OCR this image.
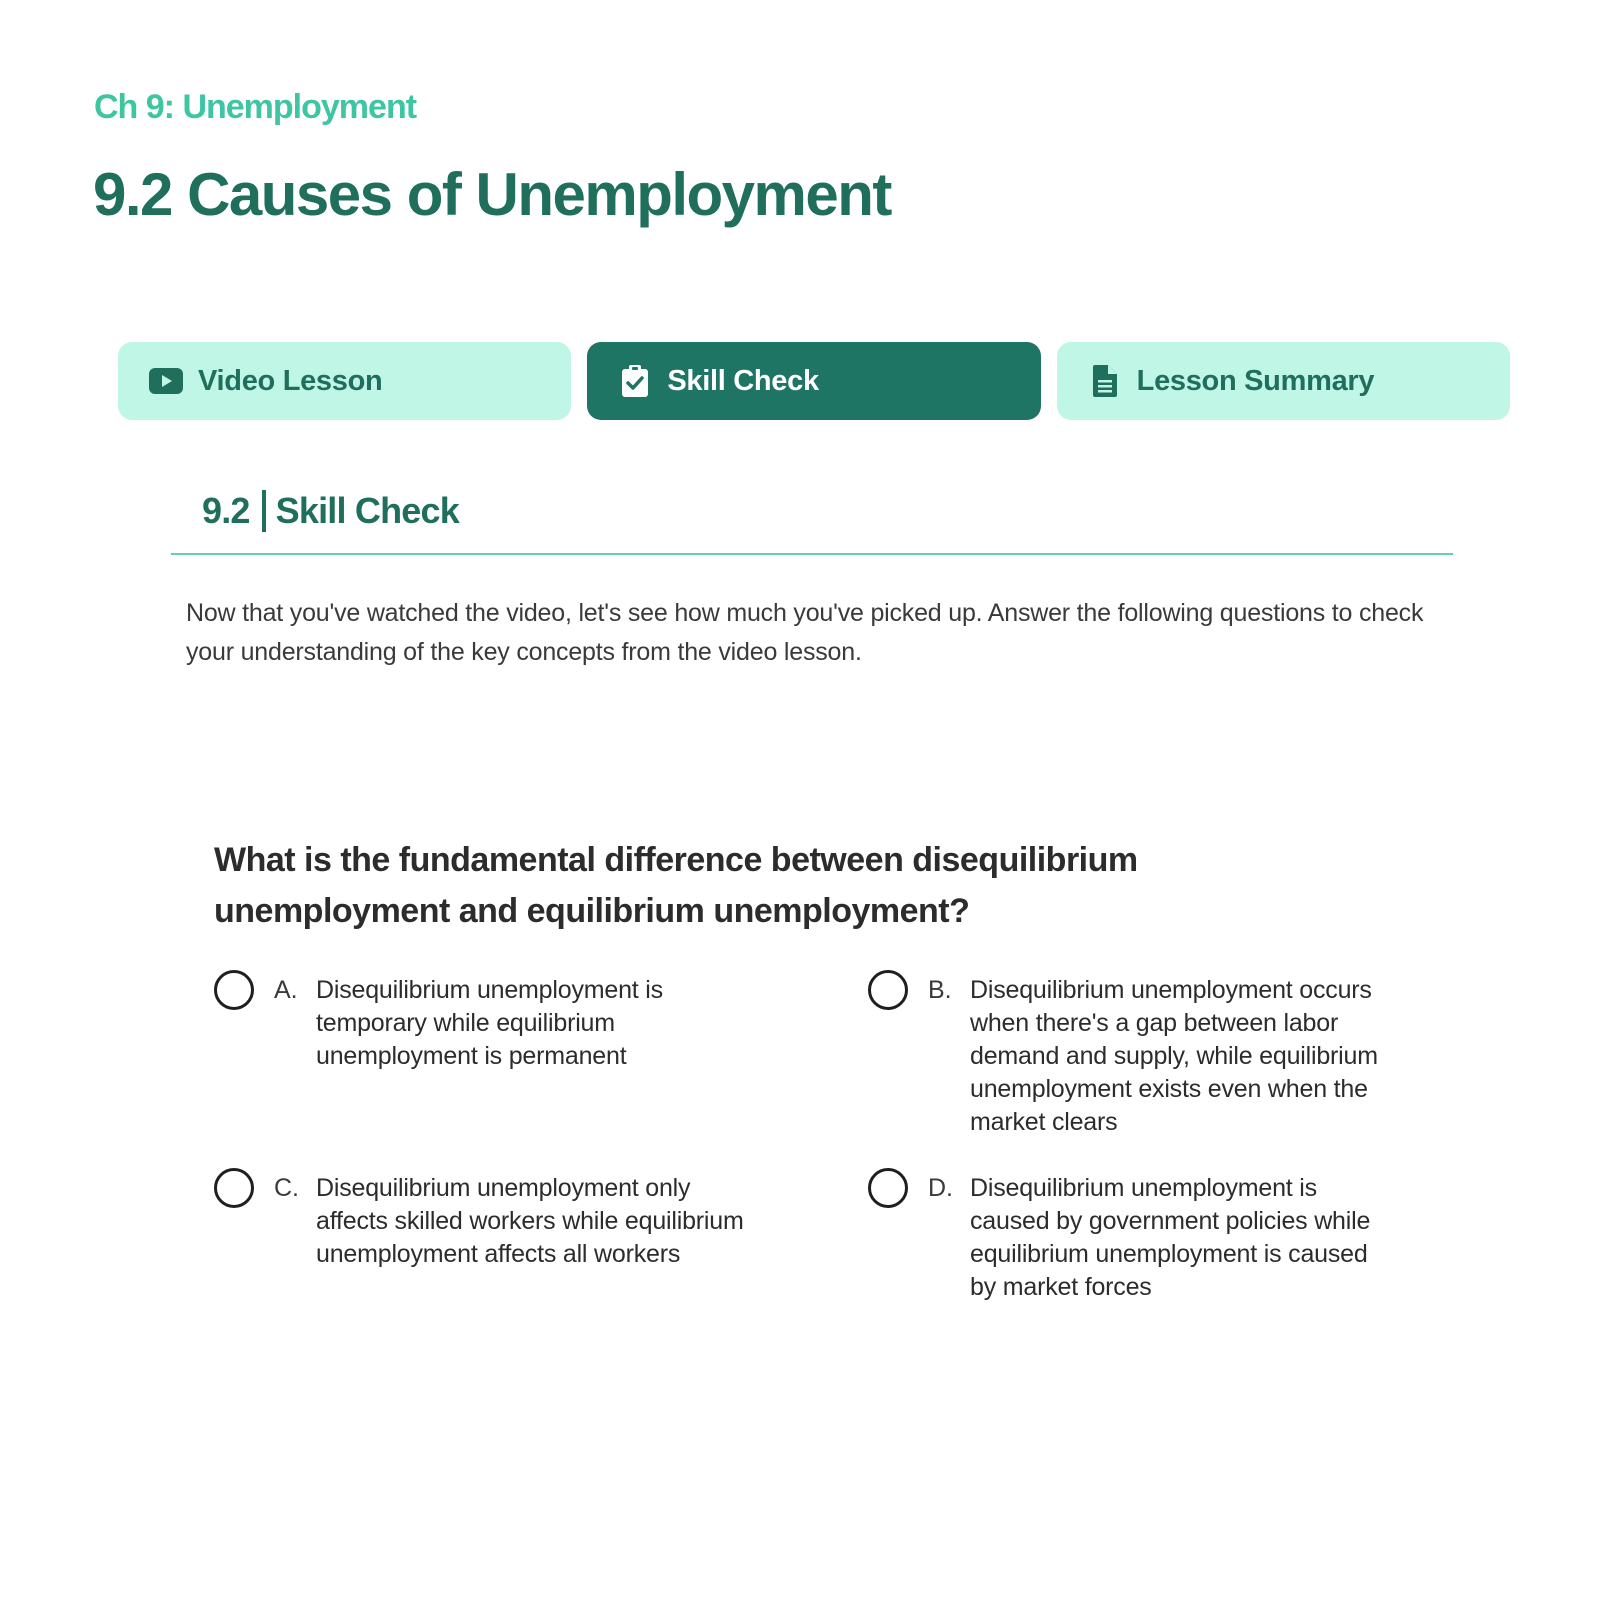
Ch 9: Unemployment
9.2 Causes of Unemployment
Video Lesson	Skill Check	Lesson Summary
9.2 Skill Check
Now that you've watched the video, let's see how much you've picked up. Answer the following questions to check your understanding of the key concepts from the video lesson.
What is the fundamental difference between disequilibrium unemployment and equilibrium unemployment?
A. Disequilibrium unemployment is temporary while equilibrium unemployment is permanent
B. Disequilibrium unemployment occurs when there's a gap between labor demand and supply, while equilibrium unemployment exists even when the market clears
C. Disequilibrium unemployment only affects skilled workers while equilibrium unemployment affects all workers
D. Disequilibrium unemployment is caused by government policies while equilibrium unemployment is caused by market forces
